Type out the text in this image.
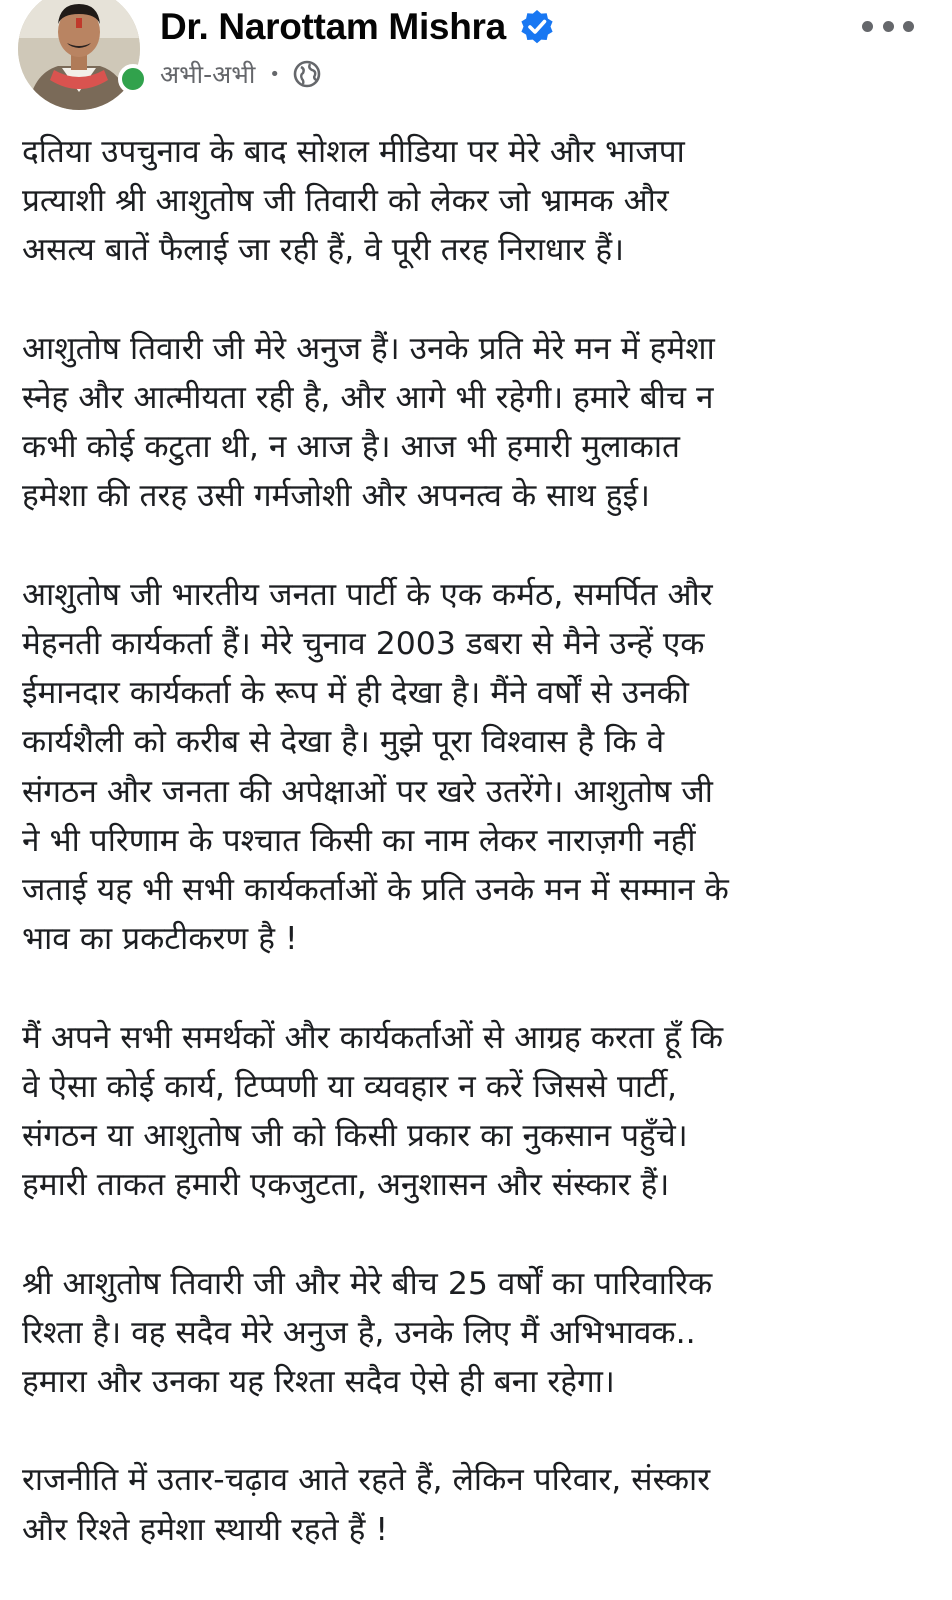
Dr. Narottam Mishra
अभी-अभी •

दतिया उपचुनाव के बाद सोशल मीडिया पर मेरे और भाजपा
प्रत्याशी श्री आशुतोष जी तिवारी को लेकर जो भ्रामक और
असत्य बातें फैलाई जा रही हैं, वे पूरी तरह निराधार हैं।

आशुतोष तिवारी जी मेरे अनुज हैं। उनके प्रति मेरे मन में हमेशा
स्नेह और आत्मीयता रही है, और आगे भी रहेगी। हमारे बीच न
कभी कोई कटुता थी, न आज है। आज भी हमारी मुलाकात
हमेशा की तरह उसी गर्मजोशी और अपनत्व के साथ हुई।

आशुतोष जी भारतीय जनता पार्टी के एक कर्मठ, समर्पित और
मेहनती कार्यकर्ता हैं। मेरे चुनाव 2003 डबरा से मैने उन्हें एक
ईमानदार कार्यकर्ता के रूप में ही देखा है। मैंने वर्षों से उनकी
कार्यशैली को करीब से देखा है। मुझे पूरा विश्वास है कि वे
संगठन और जनता की अपेक्षाओं पर खरे उतरेंगे। आशुतोष जी
ने भी परिणाम के पश्चात किसी का नाम लेकर नाराज़गी नहीं
जताई यह भी सभी कार्यकर्ताओं के प्रति उनके मन में सम्मान के
भाव का प्रकटीकरण है !

मैं अपने सभी समर्थकों और कार्यकर्ताओं से आग्रह करता हूँ कि
वे ऐसा कोई कार्य, टिप्पणी या व्यवहार न करें जिससे पार्टी,
संगठन या आशुतोष जी को किसी प्रकार का नुकसान पहुँचे।
हमारी ताकत हमारी एकजुटता, अनुशासन और संस्कार हैं।

श्री आशुतोष तिवारी जी और मेरे बीच 25 वर्षों का पारिवारिक
रिश्ता है। वह सदैव मेरे अनुज है, उनके लिए मैं अभिभावक..
हमारा और उनका यह रिश्ता सदैव ऐसे ही बना रहेगा।

राजनीति में उतार-चढ़ाव आते रहते हैं, लेकिन परिवार, संस्कार
और रिश्ते हमेशा स्थायी रहते हैं !
